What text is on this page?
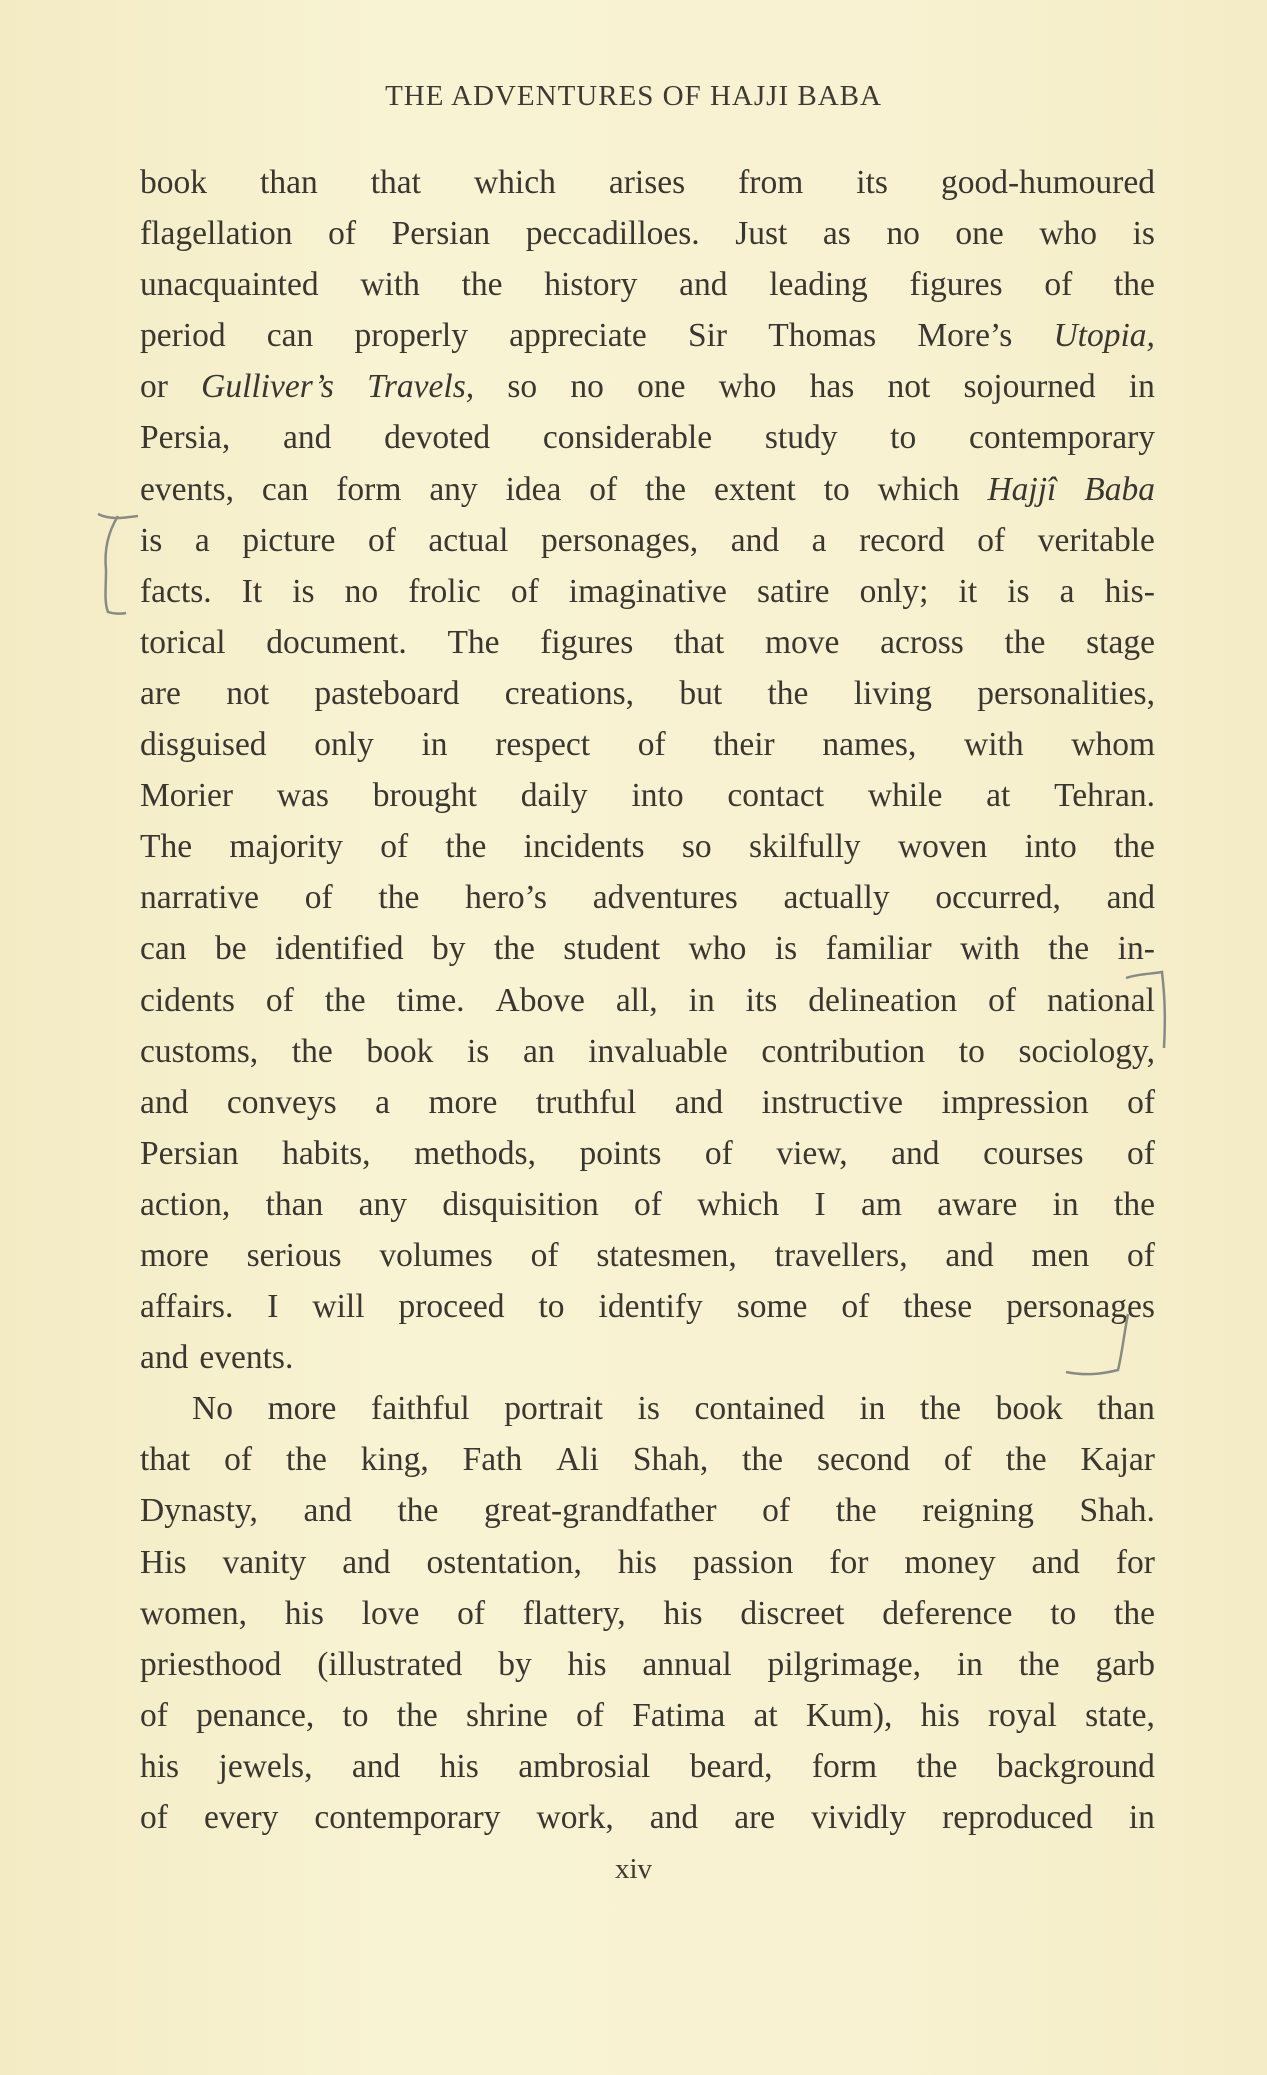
THE ADVENTURES OF HAJJI BABA
book than that which arises from its good-humoured
flagellation of Persian peccadilloes. Just as no one who is
unacquainted with the history and leading figures of the
period can properly appreciate Sir Thomas More’s Utopia,
or Gulliver’s Travels, so no one who has not sojourned in
Persia, and devoted considerable study to contemporary
events, can form any idea of the extent to which Hajjî Baba
is a picture of actual personages, and a record of veritable
facts. It is no frolic of imaginative satire only; it is a his-
torical document. The figures that move across the stage
are not pasteboard creations, but the living personalities,
disguised only in respect of their names, with whom
Morier was brought daily into contact while at Tehran.
The majority of the incidents so skilfully woven into the
narrative of the hero’s adventures actually occurred, and
can be identified by the student who is familiar with the in-
cidents of the time. Above all, in its delineation of national
customs, the book is an invaluable contribution to sociology,
and conveys a more truthful and instructive impression of
Persian habits, methods, points of view, and courses of
action, than any disquisition of which I am aware in the
more serious volumes of statesmen, travellers, and men of
affairs. I will proceed to identify some of these personages
and events.
No more faithful portrait is contained in the book than
that of the king, Fath Ali Shah, the second of the Kajar
Dynasty, and the great-grandfather of the reigning Shah.
His vanity and ostentation, his passion for money and for
women, his love of flattery, his discreet deference to the
priesthood (illustrated by his annual pilgrimage, in the garb
of penance, to the shrine of Fatima at Kum), his royal state,
his jewels, and his ambrosial beard, form the background
of every contemporary work, and are vividly reproduced in
xiv
